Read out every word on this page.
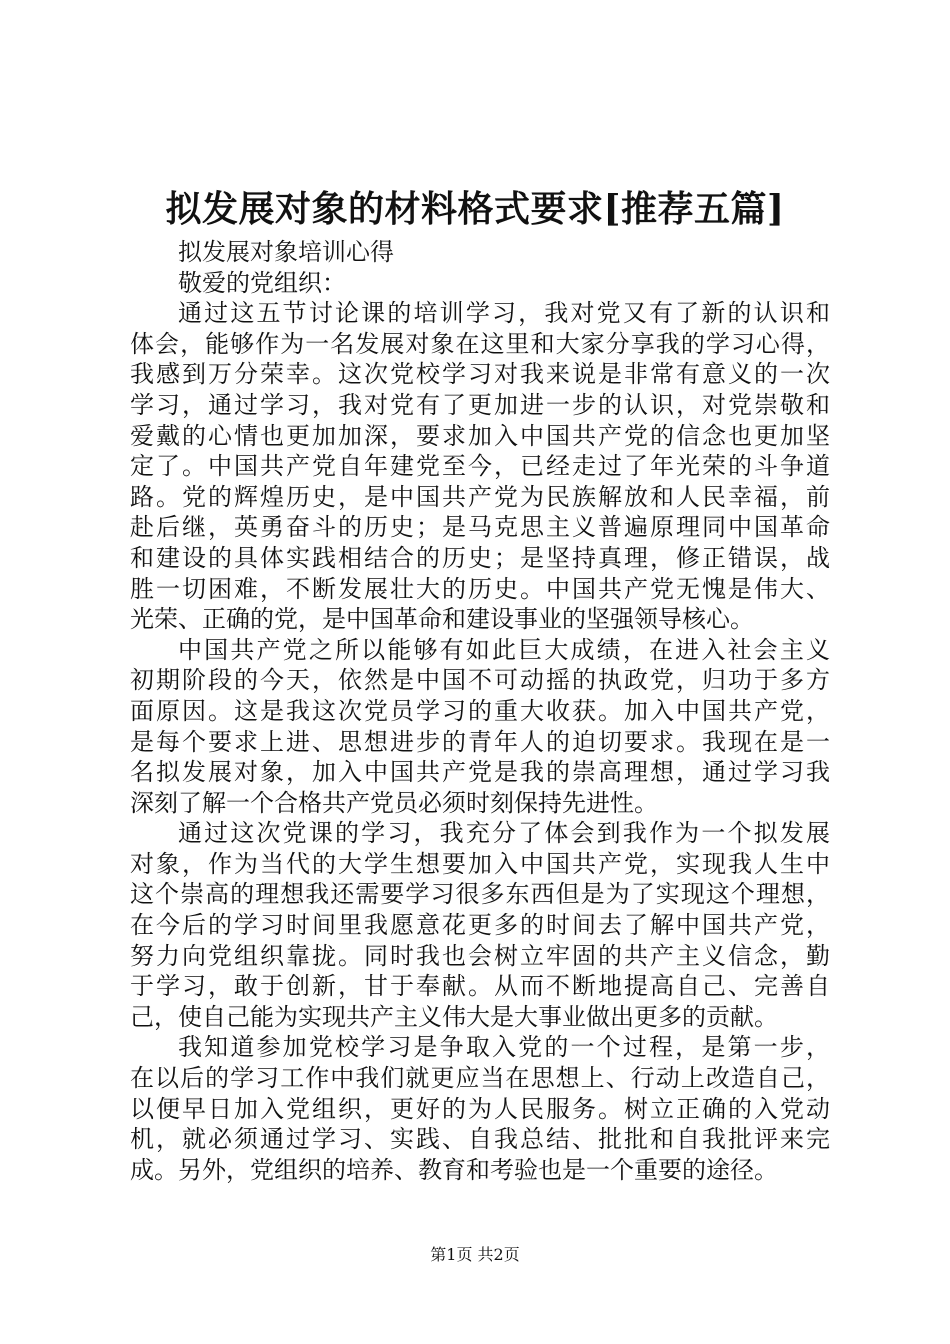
拟发展对象的材料格式要求[推荐五篇]
拟发展对象培训心得
敬爱的党组织：
通过这五节讨论课的培训学习，我对党又有了新的认识和
体会，能够作为一名发展对象在这里和大家分享我的学习心得，
我感到万分荣幸。这次党校学习对我来说是非常有意义的一次
学习，通过学习，我对党有了更加进一步的认识，对党崇敬和
爱戴的心情也更加加深，要求加入中国共产党的信念也更加坚
定了。中国共产党自年建党至今，已经走过了年光荣的斗争道
路。党的辉煌历史，是中国共产党为民族解放和人民幸福，前
赴后继，英勇奋斗的历史；是马克思主义普遍原理同中国革命
和建设的具体实践相结合的历史；是坚持真理，修正错误，战
胜一切困难，不断发展壮大的历史。中国共产党无愧是伟大、
光荣、正确的党，是中国革命和建设事业的坚强领导核心。
中国共产党之所以能够有如此巨大成绩，在进入社会主义
初期阶段的今天，依然是中国不可动摇的执政党，归功于多方
面原因。这是我这次党员学习的重大收获。加入中国共产党，
是每个要求上进、思想进步的青年人的迫切要求。我现在是一
名拟发展对象，加入中国共产党是我的崇高理想，通过学习我
深刻了解一个合格共产党员必须时刻保持先进性。
通过这次党课的学习，我充分了体会到我作为一个拟发展
对象，作为当代的大学生想要加入中国共产党，实现我人生中
这个崇高的理想我还需要学习很多东西但是为了实现这个理想，
在今后的学习时间里我愿意花更多的时间去了解中国共产党，
努力向党组织靠拢。同时我也会树立牢固的共产主义信念，勤
于学习，敢于创新，甘于奉献。从而不断地提高自己、完善自
己，使自己能为实现共产主义伟大是大事业做出更多的贡献。
我知道参加党校学习是争取入党的一个过程，是第一步，
在以后的学习工作中我们就更应当在思想上、行动上改造自己，
以便早日加入党组织，更好的为人民服务。树立正确的入党动
机，就必须通过学习、实践、自我总结、批批和自我批评来完
成。另外，党组织的培养、教育和考验也是一个重要的途径。
第1页 共2页
